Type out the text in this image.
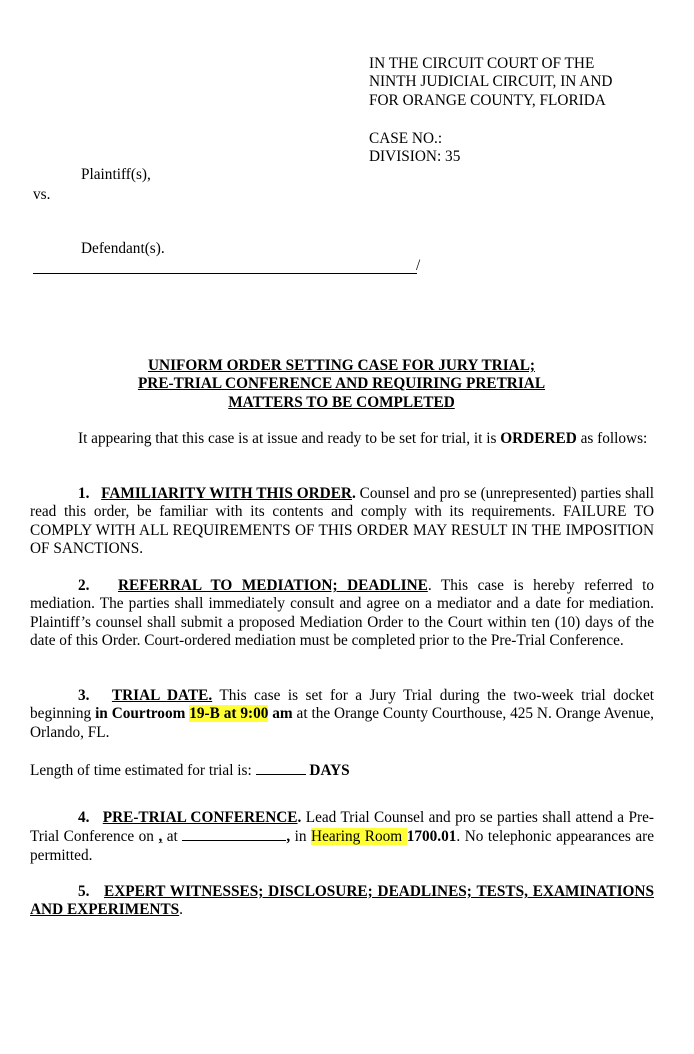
IN THE CIRCUIT COURT OF THE
NINTH JUDICIAL CIRCUIT, IN AND
FOR ORANGE COUNTY, FLORIDA
CASE NO.:
DIVISION: 35
Plaintiff(s),
vs.
Defendant(s).
/
UNIFORM ORDER SETTING CASE FOR JURY TRIAL;
PRE-TRIAL CONFERENCE AND REQUIRING PRETRIAL
MATTERS TO BE COMPLETED
It appearing that this case is at issue and ready to be set for trial, it is ORDERED as follows:
1. FAMILIARITY WITH THIS ORDER. Counsel and pro se (unrepresented) parties shall read this order, be familiar with its contents and comply with its requirements. FAILURE TO COMPLY WITH ALL REQUIREMENTS OF THIS ORDER MAY RESULT IN THE IMPOSITION OF SANCTIONS.
2. REFERRAL TO MEDIATION; DEADLINE. This case is hereby referred to mediation. The parties shall immediately consult and agree on a mediator and a date for mediation. Plaintiff’s counsel shall submit a proposed Mediation Order to the Court within ten (10) days of the date of this Order. Court-ordered mediation must be completed prior to the Pre-Trial Conference.
3. TRIAL DATE. This case is set for a Jury Trial during the two-week trial docket beginning in Courtroom 19-B at 9:00 am at the Orange County Courthouse, 425 N. Orange Avenue, Orlando, FL.
Length of time estimated for trial is:	DAYS
4. PRE-TRIAL CONFERENCE. Lead Trial Counsel and pro se parties shall attend a Pre-Trial Conference on , at	, in Hearing Room 1700.01. No telephonic appearances are permitted.
5. EXPERT WITNESSES; DISCLOSURE; DEADLINES; TESTS, EXAMINATIONS AND EXPERIMENTS.
